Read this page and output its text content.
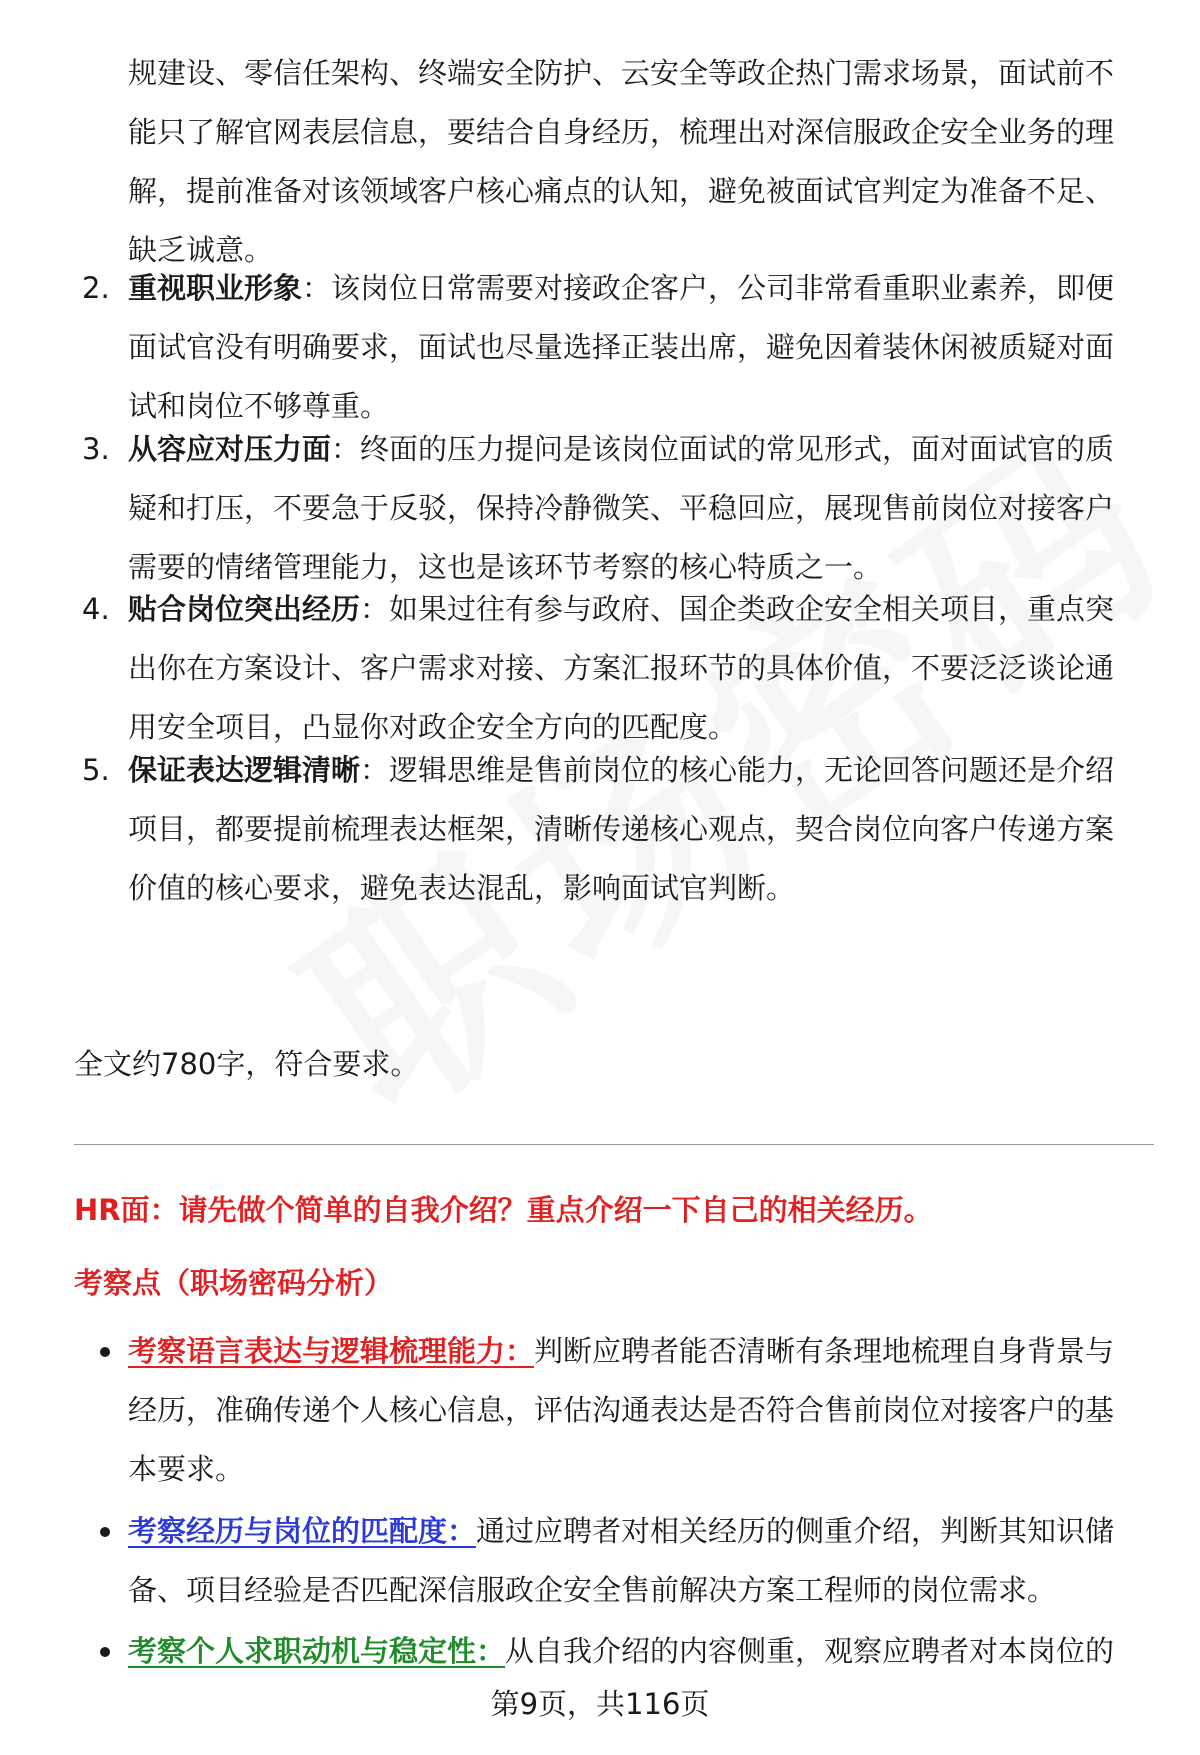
规建设、零信任架构、终端安全防护、云安全等政企热门需求场景，面试前不
能只了解官网表层信息，要结合自身经历，梳理出对深信服政企安全业务的理
解，提前准备对该领域客户核心痛点的认知，避免被面试官判定为准备不足、
缺乏诚意。
2. 重视职业形象：该岗位日常需要对接政企客户，公司非常看重职业素养，即便
面试官没有明确要求，面试也尽量选择正装出席，避免因着装休闲被质疑对面
试和岗位不够尊重。
3. 从容应对压力面：终面的压力提问是该岗位面试的常见形式，面对面试官的质
疑和打压，不要急于反驳，保持冷静微笑、平稳回应，展现售前岗位对接客户
需要的情绪管理能力，这也是该环节考察的核心特质之一。
4. 贴合岗位突出经历：如果过往有参与政府、国企类政企安全相关项目，重点突
出你在方案设计、客户需求对接、方案汇报环节的具体价值，不要泛泛谈论通
用安全项目，凸显你对政企安全方向的匹配度。
5. 保证表达逻辑清晰：逻辑思维是售前岗位的核心能力，无论回答问题还是介绍
项目，都要提前梳理表达框架，清晰传递核心观点，契合岗位向客户传递方案
价值的核心要求，避免表达混乱，影响面试官判断。
全文约780字，符合要求。
HR面：请先做个简单的自我介绍？重点介绍一下自己的相关经历。
考察点（职场密码分析）
考察语言表达与逻辑梳理能力：判断应聘者能否清晰有条理地梳理自身背景与
经历，准确传递个人核心信息，评估沟通表达是否符合售前岗位对接客户的基
本要求。
考察经历与岗位的匹配度：通过应聘者对相关经历的侧重介绍，判断其知识储
备、项目经验是否匹配深信服政企安全售前解决方案工程师的岗位需求。
考察个人求职动机与稳定性：从自我介绍的内容侧重，观察应聘者对本岗位的
第9页，共116页
